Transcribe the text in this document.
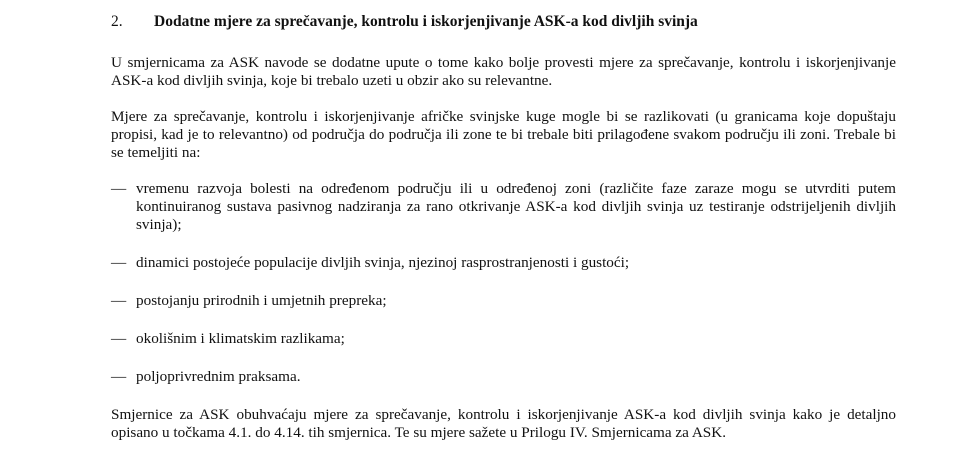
2.	Dodatne mjere za sprečavanje, kontrolu i iskorjenjivanje ASK-a kod divljih svinja

U smjernicama za ASK navode se dodatne upute o tome kako bolje provesti mjere za sprečavanje, kontrolu i iskorjenjivanje ASK-a kod divljih svinja, koje bi trebalo uzeti u obzir ako su relevantne.

Mjere za sprečavanje, kontrolu i iskorjenjivanje afričke svinjske kuge mogle bi se razlikovati (u granicama koje dopuštaju propisi, kad je to relevantno) od područja do područja ili zone te bi trebale biti prilagođene svakom području ili zoni. Trebale bi se temeljiti na:

— vremenu razvoja bolesti na određenom području ili u određenoj zoni (različite faze zaraze mogu se utvrditi putem kontinuiranog sustava pasivnog nadziranja za rano otkrivanje ASK-a kod divljih svinja uz testiranje odstrijeljenih divljih svinja);
— dinamici postojeće populacije divljih svinja, njezinoj rasprostranjenosti i gustoći;
— postojanju prirodnih i umjetnih prepreka;
— okolišnim i klimatskim razlikama;
— poljoprivrednim praksama.

Smjernice za ASK obuhvaćaju mjere za sprečavanje, kontrolu i iskorjenjivanje ASK-a kod divljih svinja kako je detaljno opisano u točkama 4.1. do 4.14. tih smjernica. Te su mjere sažete u Prilogu IV. Smjernicama za ASK.
